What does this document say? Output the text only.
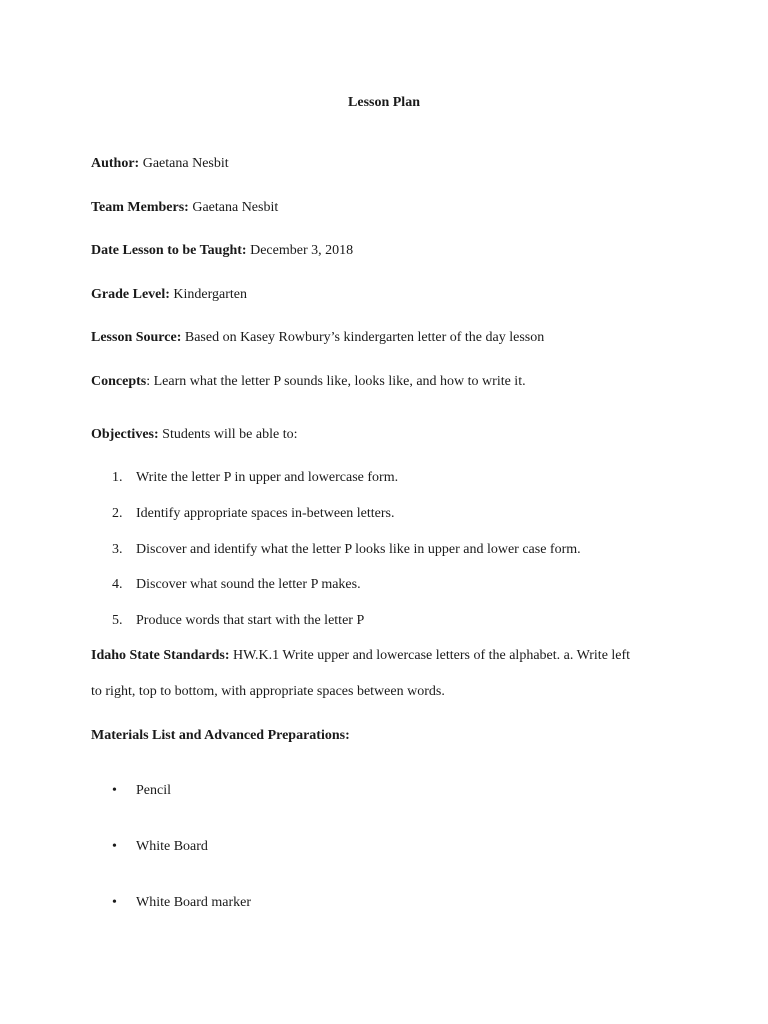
Lesson Plan
Author: Gaetana Nesbit
Team Members: Gaetana Nesbit
Date Lesson to be Taught: December 3, 2018
Grade Level: Kindergarten
Lesson Source: Based on Kasey Rowbury’s kindergarten letter of the day lesson
Concepts: Learn what the letter P sounds like, looks like, and how to write it.
Objectives: Students will be able to:
1. Write the letter P in upper and lowercase form.
2. Identify appropriate spaces in-between letters.
3. Discover and identify what the letter P looks like in upper and lower case form.
4. Discover what sound the letter P makes.
5. Produce words that start with the letter P
Idaho State Standards: HW.K.1 Write upper and lowercase letters of the alphabet. a. Write left
to right, top to bottom, with appropriate spaces between words.
Materials List and Advanced Preparations:
• Pencil
• White Board
• White Board marker
